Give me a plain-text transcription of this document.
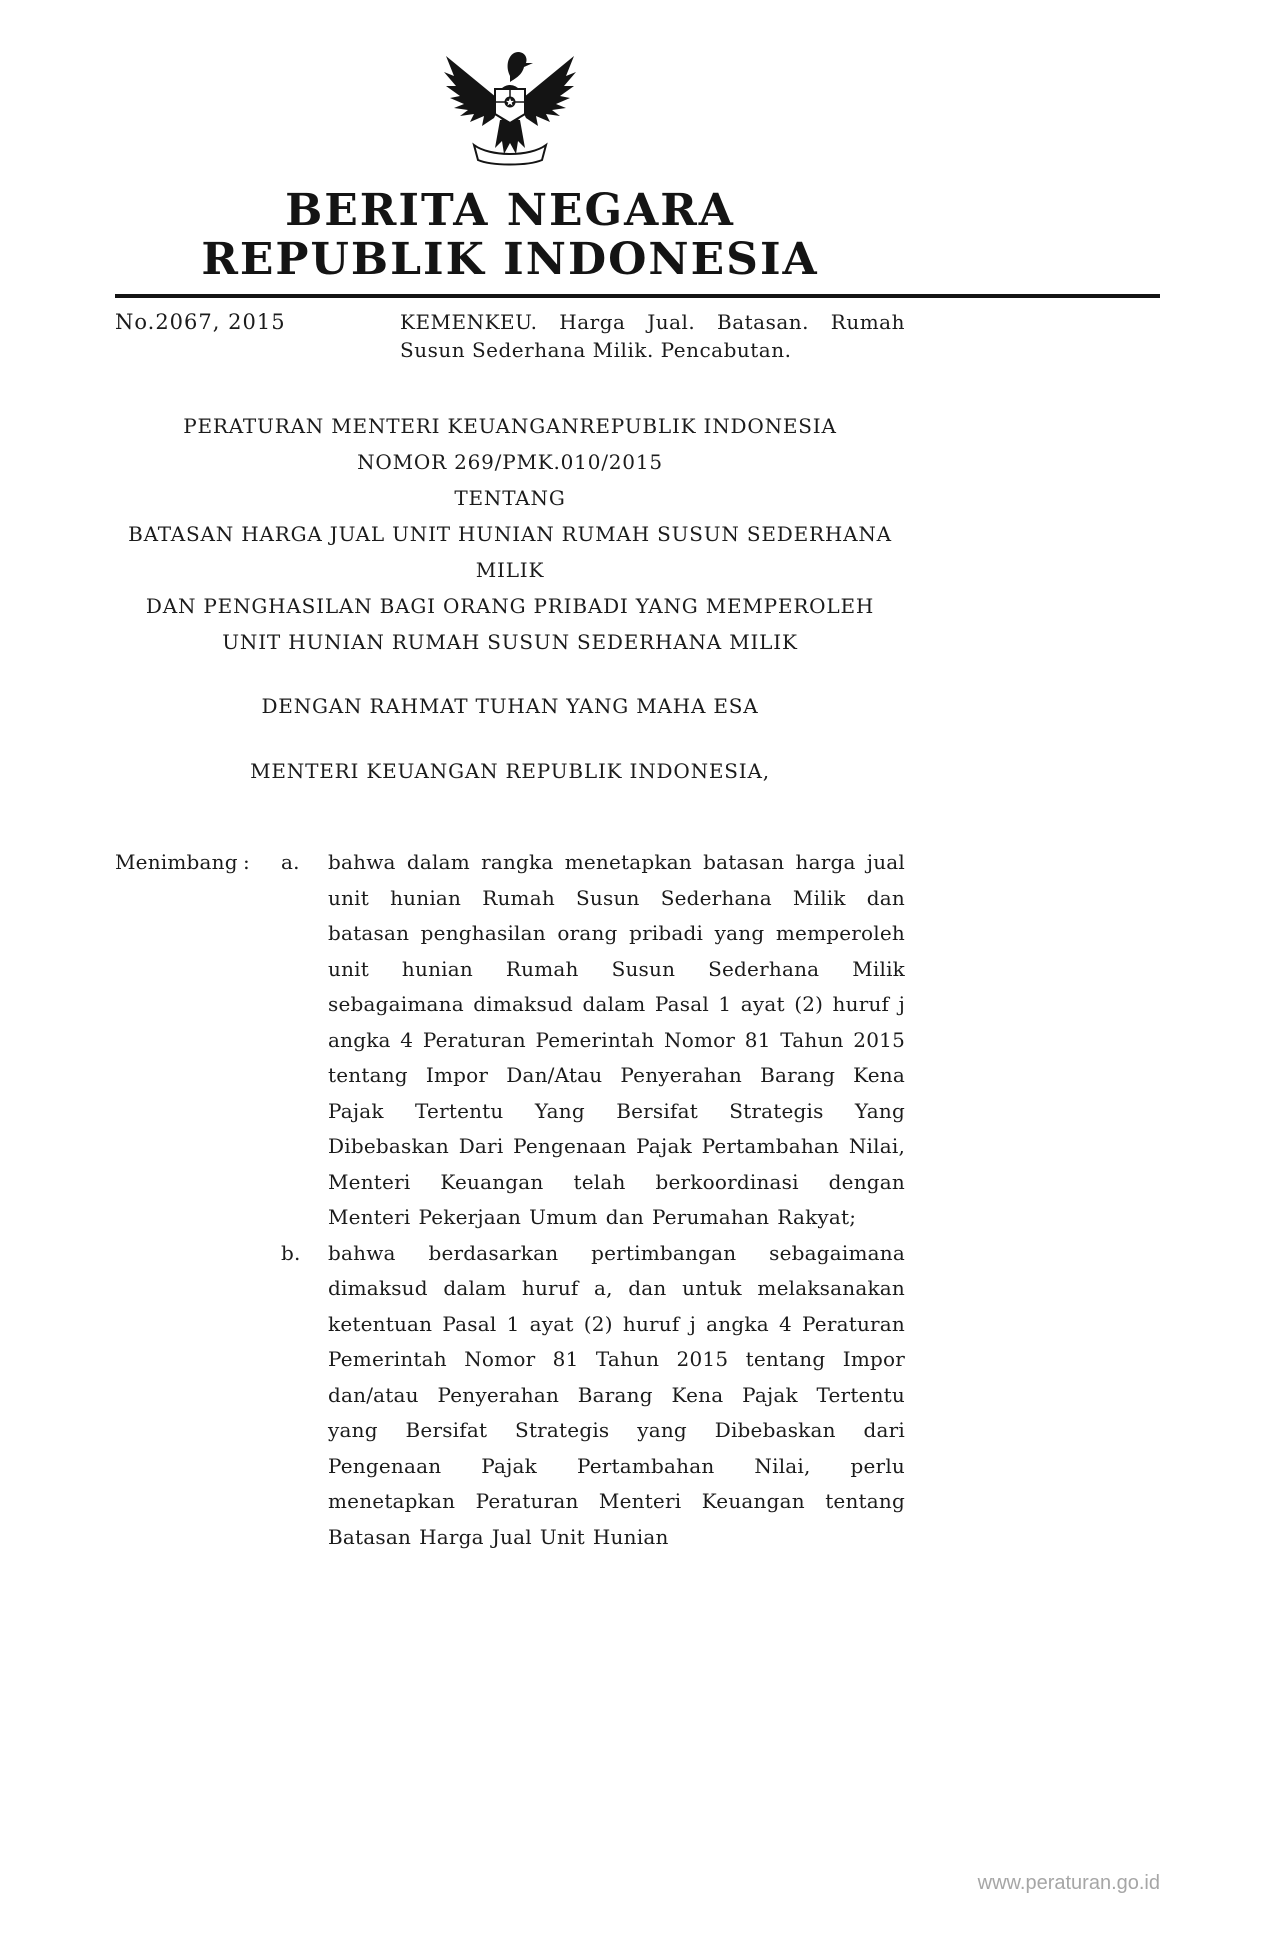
BERITA NEGARA
REPUBLIK INDONESIA
No.2067, 2015	KEMENKEU. Harga Jual. Batasan. Rumah Susun Sederhana Milik. Pencabutan.
PERATURAN MENTERI KEUANGANREPUBLIK INDONESIA
NOMOR 269/PMK.010/2015
TENTANG
BATASAN HARGA JUAL UNIT HUNIAN RUMAH SUSUN SEDERHANA MILIK
DAN PENGHASILAN BAGI ORANG PRIBADI YANG MEMPEROLEH
UNIT HUNIAN RUMAH SUSUN SEDERHANA MILIK
DENGAN RAHMAT TUHAN YANG MAHA ESA
MENTERI KEUANGAN REPUBLIK INDONESIA,
Menimbang :	a.	bahwa dalam rangka menetapkan batasan harga jual unit hunian Rumah Susun Sederhana Milik dan batasan penghasilan orang pribadi yang memperoleh unit hunian Rumah Susun Sederhana Milik sebagaimana dimaksud dalam Pasal 1 ayat (2) huruf j angka 4 Peraturan Pemerintah Nomor 81 Tahun 2015 tentang Impor Dan/Atau Penyerahan Barang Kena Pajak Tertentu Yang Bersifat Strategis Yang Dibebaskan Dari Pengenaan Pajak Pertambahan Nilai, Menteri Keuangan telah berkoordinasi dengan Menteri Pekerjaan Umum dan Perumahan Rakyat;
b.	bahwa berdasarkan pertimbangan sebagaimana dimaksud dalam huruf a, dan untuk melaksanakan ketentuan Pasal 1 ayat (2) huruf j angka 4 Peraturan Pemerintah Nomor 81 Tahun 2015 tentang Impor dan/atau Penyerahan Barang Kena Pajak Tertentu yang Bersifat Strategis yang Dibebaskan dari Pengenaan Pajak Pertambahan Nilai, perlu menetapkan Peraturan Menteri Keuangan tentang Batasan Harga Jual Unit Hunian
www.peraturan.go.id
